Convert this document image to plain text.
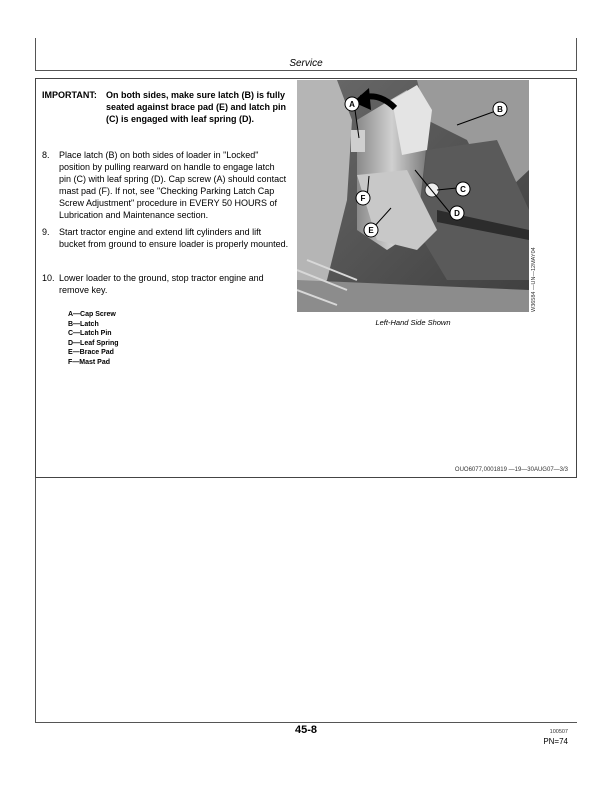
Service
IMPORTANT: On both sides, make sure latch (B) is fully seated against brace pad (E) and latch pin (C) is engaged with leaf spring (D).
8. Place latch (B) on both sides of loader in "Locked" position by pulling rearward on handle to engage latch pin (C) with leaf spring (D). Cap screw (A) should contact mast pad (F). If not, see "Checking Parking Latch Cap Screw Adjustment" procedure in EVERY 50 HOURS of Lubrication and Maintenance section.
9. Start tractor engine and extend lift cylinders and lift bucket from ground to ensure loader is properly mounted.
10. Lower loader to the ground, stop tractor engine and remove key.
A—Cap Screw
B—Latch
C—Latch Pin
D—Leaf Spring
E—Brace Pad
F—Mast Pad
A
B
C
D
E
F
W36584 —UN—12MAY04
Left-Hand Side Shown
OUO6077,0001819 —19—30AUG07—3/3
45-8	100507
PN=74
